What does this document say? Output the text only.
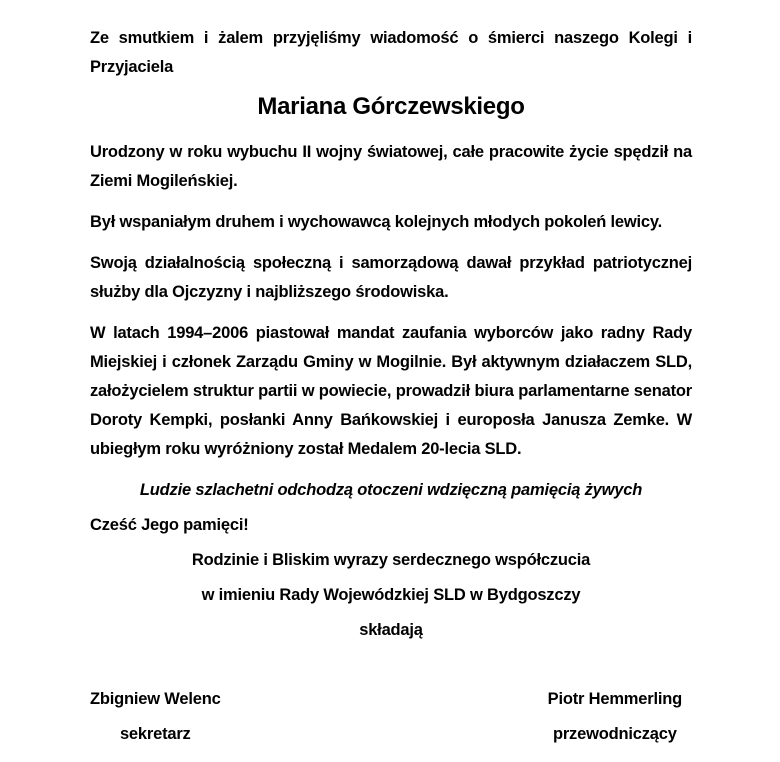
Ze smutkiem i żalem przyjęliśmy wiadomość o śmierci naszego Kolegi i Przyjaciela

Mariana Górczewskiego

Urodzony w roku wybuchu II wojny światowej, całe pracowite życie spędził na Ziemi Mogileńskiej.

Był wspaniałym druhem i wychowawcą kolejnych młodych pokoleń lewicy.

Swoją działalnością społeczną i samorządową dawał przykład patriotycznej służby dla Ojczyzny i najbliższego środowiska.

W latach 1994–2006 piastował mandat zaufania wyborców jako radny Rady Miejskiej i członek Zarządu Gminy w Mogilnie. Był aktywnym działaczem SLD, założycielem struktur partii w powiecie, prowadził biura parlamentarne senator Doroty Kempki, posłanki Anny Bańkowskiej i europosła Janusza Zemke. W ubiegłym roku wyróżniony został Medalem 20-lecia SLD.

Ludzie szlachetni odchodzą otoczeni wdzięczną pamięcią żywych

Cześć Jego pamięci!

Rodzinie i Bliskim wyrazy serdecznego współczucia

w imieniu Rady Wojewódzkiej SLD w Bydgoszczy

składają

Zbigniew Welenc
sekretarz
Piotr Hemmerling
przewodniczący
